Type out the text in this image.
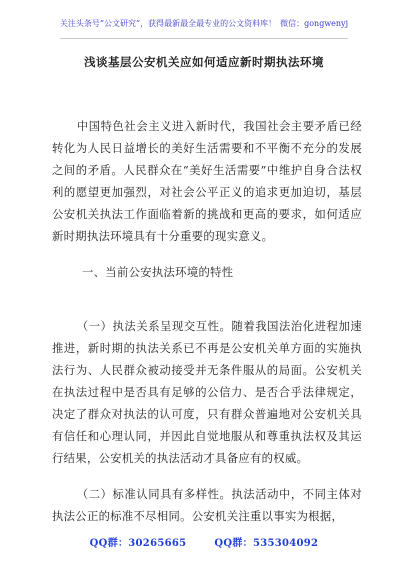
关注头条号“公文研究”，获得最新最全最专业的公文资料库！ 微信：gongwenyj
浅谈基层公安机关应如何适应新时期执法环境
中国特色社会主义进入新时代，我国社会主要矛盾已经转化为人民日益增长的美好生活需要和不平衡不充分的发展之间的矛盾。人民群众在“美好生活需要”中维护自身合法权利的愿望更加强烈，对社会公平正义的追求更加迫切，基层公安机关执法工作面临着新的挑战和更高的要求，如何适应新时期执法环境具有十分重要的现实意义。
一、当前公安执法环境的特性
（一）执法关系呈现交互性。随着我国法治化进程加速推进，新时期的执法关系已不再是公安机关单方面的实施执法行为、人民群众被动接受并无条件服从的局面。公安机关在执法过程中是否具有足够的公信力、是否合乎法律规定，决定了群众对执法的认可度，只有群众普遍地对公安机关具有信任和心理认同，并因此自觉地服从和尊重执法权及其运行结果，公安机关的执法活动才具备应有的权威。
（二）标准认同具有多样性。执法活动中，不同主体对执法公正的标准不尽相同。公安机关注重以事实为根据，
QQ群：30265665	QQ群：535304092
